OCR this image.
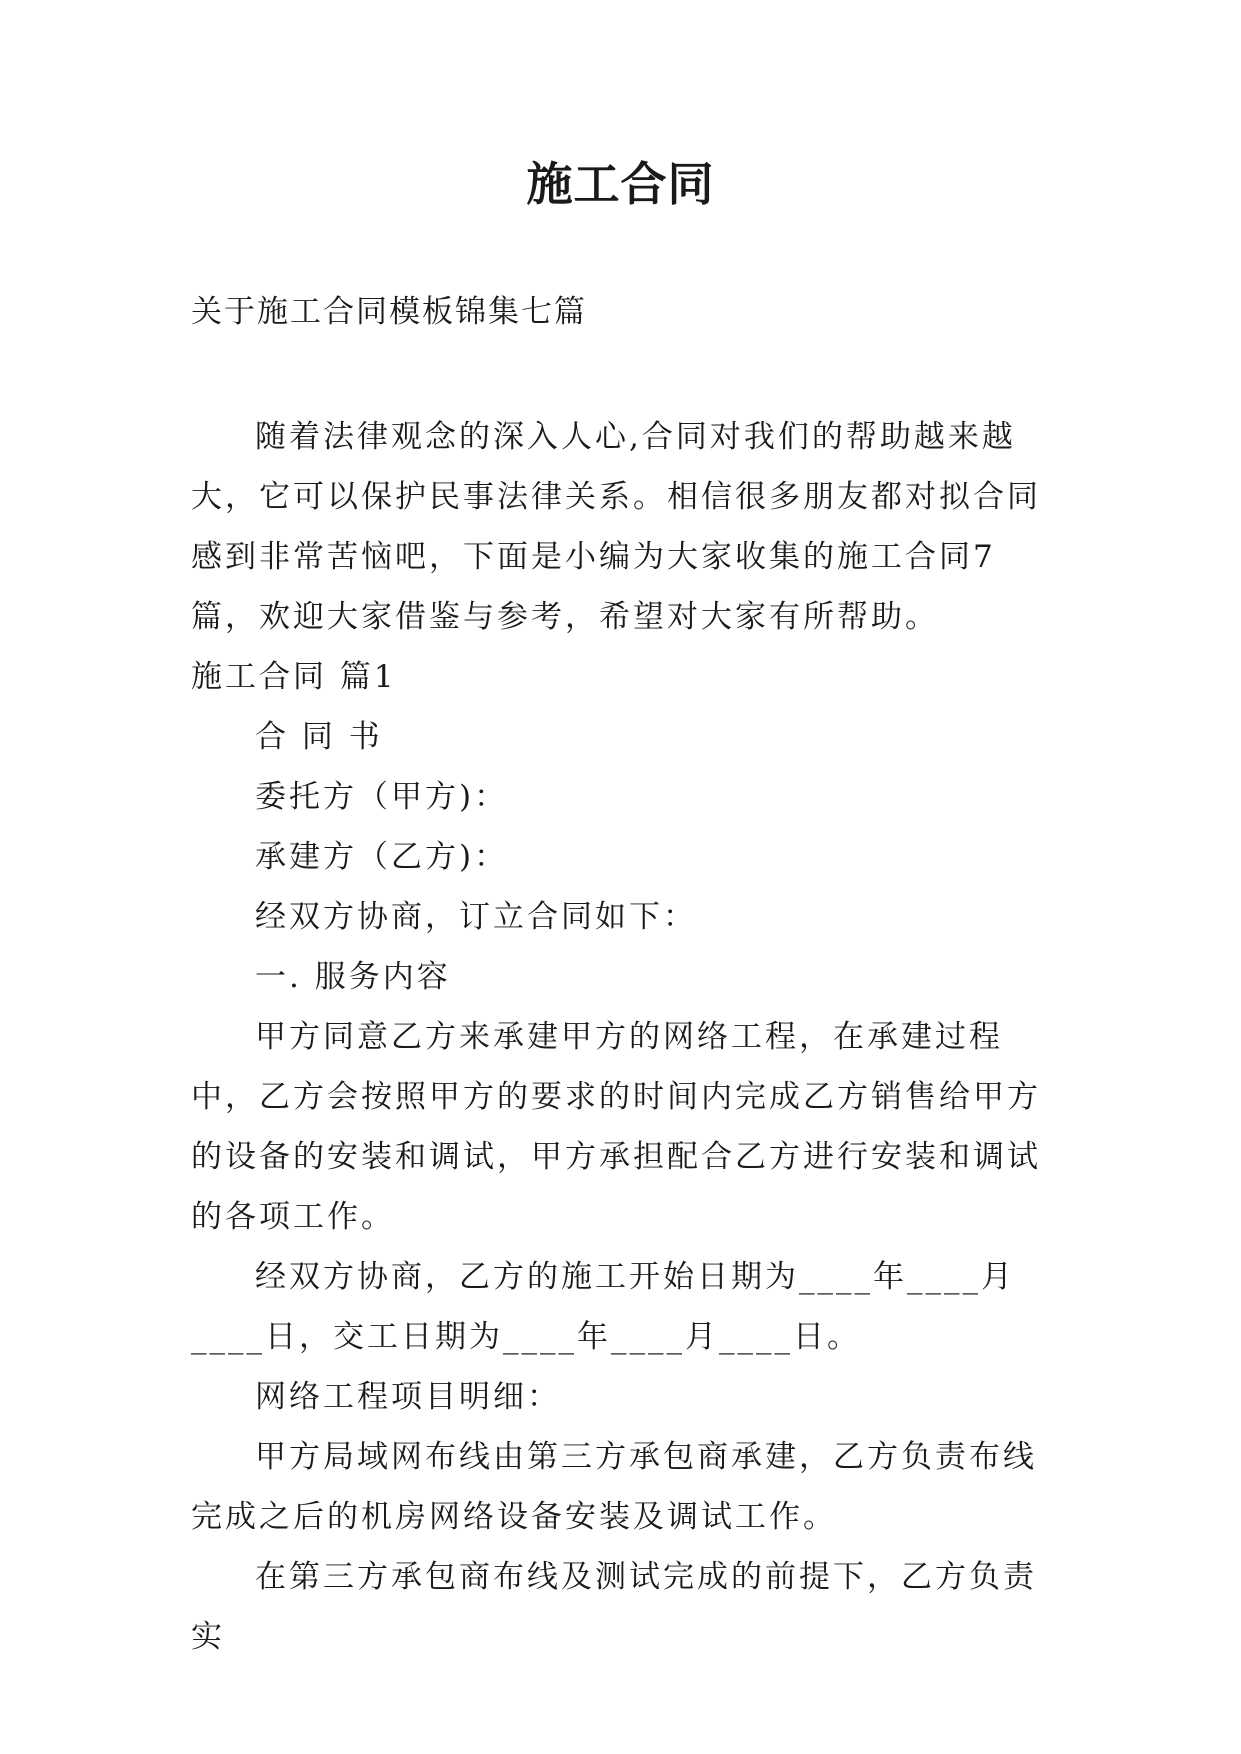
施工合同
关于施工合同模板锦集七篇

随着法律观念的深入人心,合同对我们的帮助越来越大，它可以保护民事法律关系。相信很多朋友都对拟合同感到非常苦恼吧，下面是小编为大家收集的施工合同7篇，欢迎大家借鉴与参考，希望对大家有所帮助。

施工合同 篇1

合 同 书

委托方（甲方)：

承建方（乙方)：

经双方协商，订立合同如下：

一. 服务内容

甲方同意乙方来承建甲方的网络工程，在承建过程中，乙方会按照甲方的要求的时间内完成乙方销售给甲方的设备的安装和调试，甲方承担配合乙方进行安装和调试的各项工作。

经双方协商，乙方的施工开始日期为____年____月____日，交工日期为____年____月____日。

网络工程项目明细：

甲方局域网布线由第三方承包商承建，乙方负责布线完成之后的机房网络设备安装及调试工作。

在第三方承包商布线及测试完成的前提下，乙方负责实
